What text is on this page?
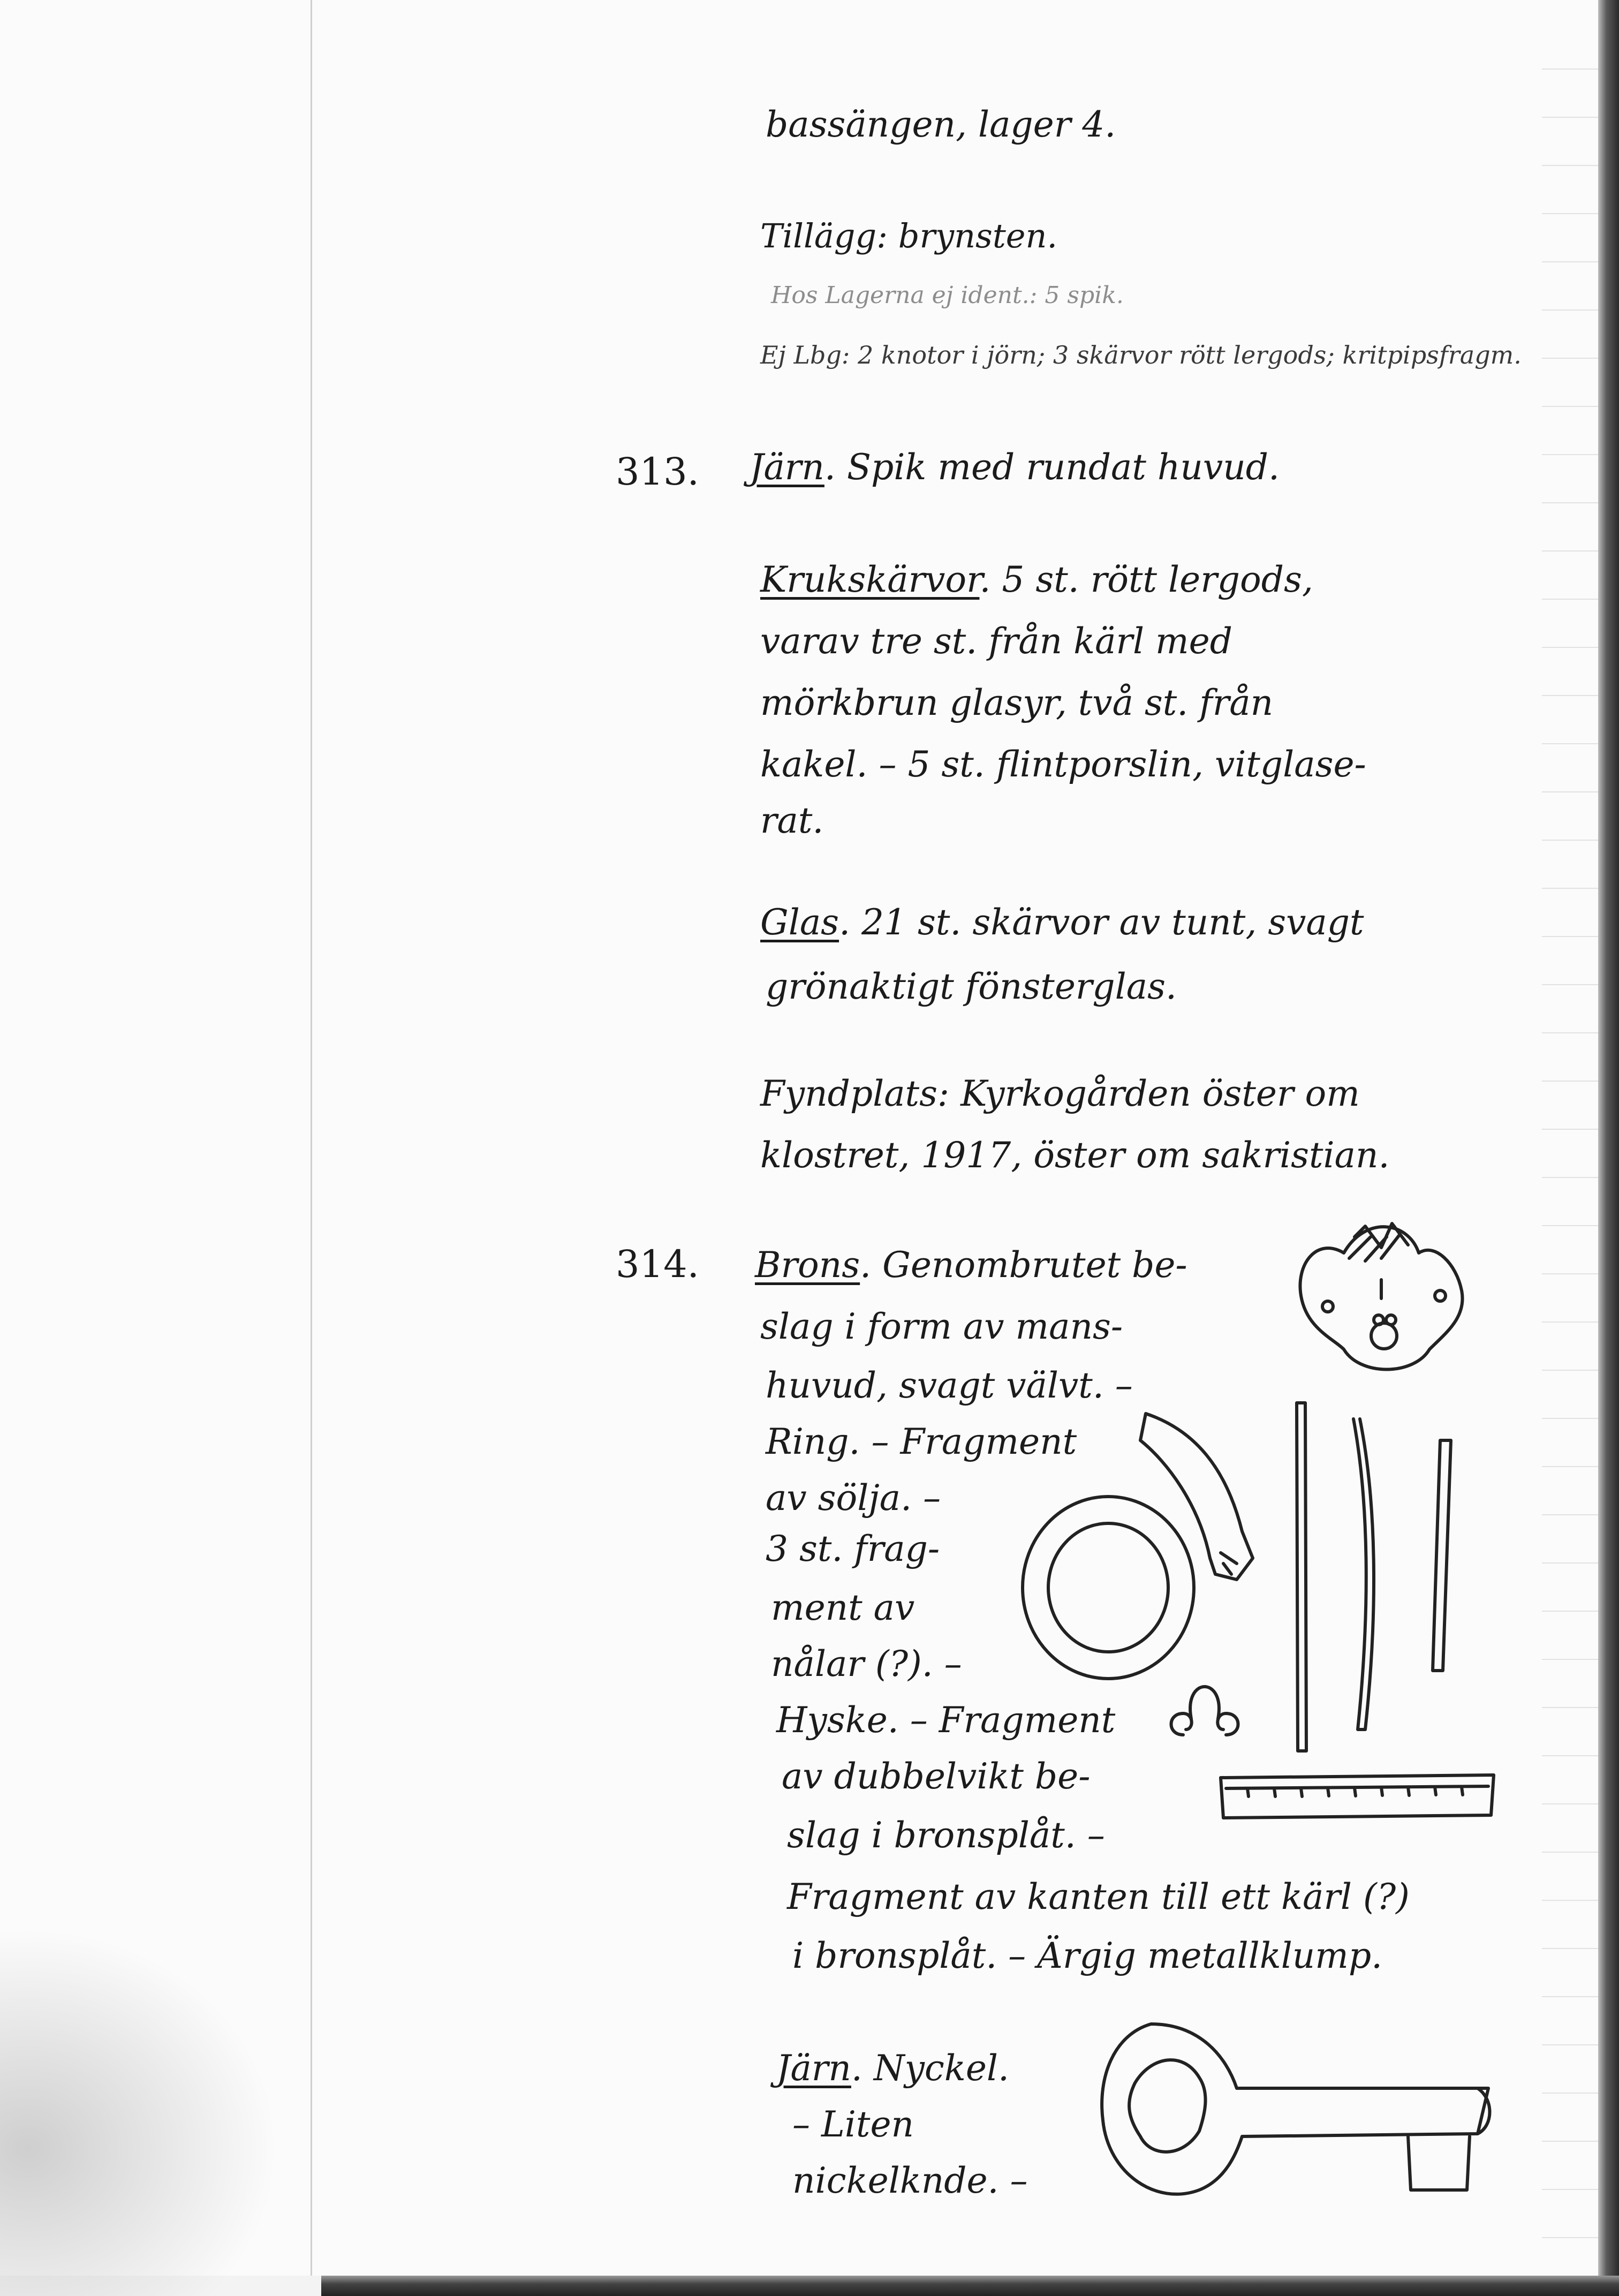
bassängen, lager 4.

Tillägg: brynsten.

Hos Lagerna ej ident.: 5 spik.

Ej Lbg: 2 knotor i jörn; 3 skärvor rött lergods; kritpipsfragm.

313. Järn. Spik med rundat huvud.

Krukskärvor. 5 st. rött lergods,

varav tre st. från kärl med

mörkbrun glasyr, två st. från

kakel. – 5 st. flintporslin, vitglase-

rat.

Glas. 21 st. skärvor av tunt, svagt

grönaktigt fönsterglas.

Fyndplats: Kyrkogården öster om

klostret, 1917, öster om sakristian.

314. Brons. Genombrutet be-

slag i form av mans-

huvud, svagt välvt. –

Ring. – Fragment

av sölja. –

3 st. frag-

ment av

nålar (?). –

Hyske. – Fragment

av dubbelvikt be-

slag i bronsplåt. –

Fragment av kanten till ett kärl (?)

i bronsplåt. – Ärgig metallklump.

Järn. Nyckel.

– Liten

nickelknde. –
